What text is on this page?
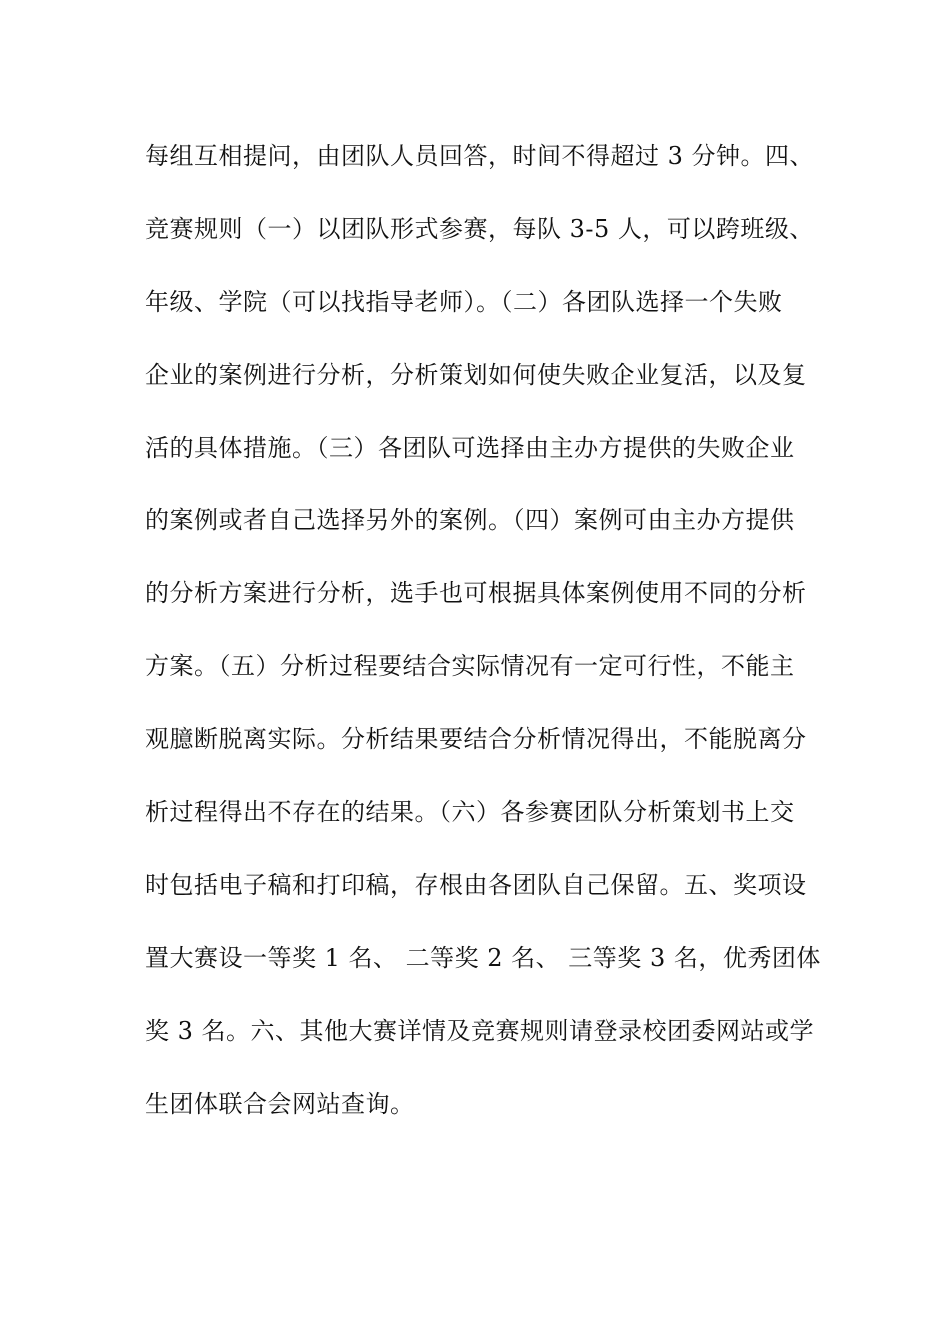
每组互相提问，由团队人员回答，时间不得超过 3 分钟。四、
竞赛规则（一）以团队形式参赛，每队 3-5 人，可以跨班级、
年级、学院（可以找指导老师）。（二）各团队选择一个失败
企业的案例进行分析，分析策划如何使失败企业复活，以及复
活的具体措施。（三）各团队可选择由主办方提供的失败企业
的案例或者自己选择另外的案例。（四）案例可由主办方提供
的分析方案进行分析，选手也可根据具体案例使用不同的分析
方案。（五）分析过程要结合实际情况有一定可行性，不能主
观臆断脱离实际。分析结果要结合分析情况得出，不能脱离分
析过程得出不存在的结果。（六）各参赛团队分析策划书上交
时包括电子稿和打印稿，存根由各团队自己保留。五、奖项设
置大赛设一等奖 1 名、 二等奖 2 名、 三等奖 3 名，优秀团体
奖 3 名。六、其他大赛详情及竞赛规则请登录校团委网站或学
生团体联合会网站查询。
